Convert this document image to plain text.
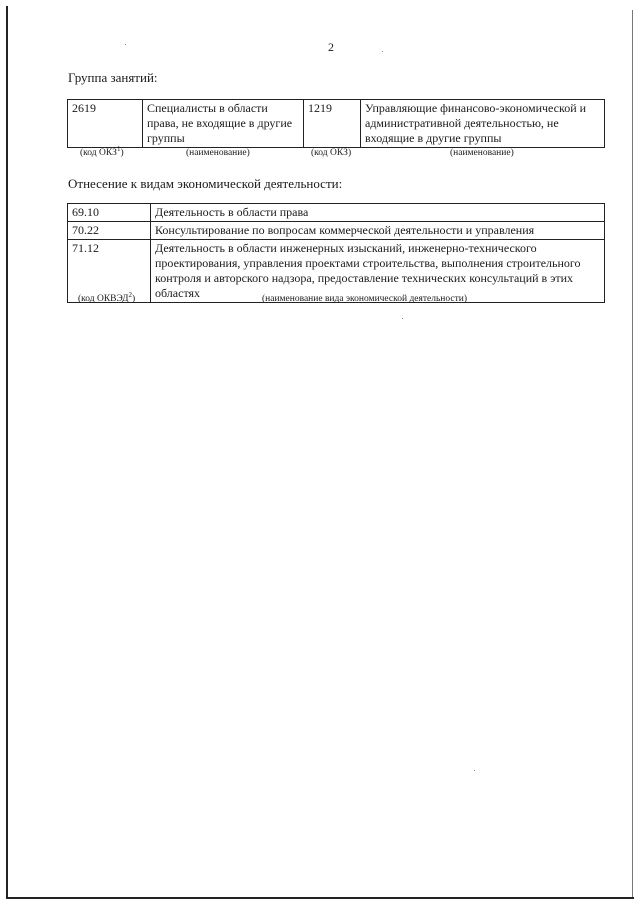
2
Группа занятий:
2619	Специалисты в области права, не входящие в другие группы	1219	Управляющие финансово-экономической и административной деятельностью, не входящие в другие группы
(код ОКЗ$^1$)	(наименование)	(код ОКЗ)	(наименование)
Отнесение к видам экономической деятельности:
69.10	Деятельность в области права
70.22	Консультирование по вопросам коммерческой деятельности и управления
71.12	Деятельность в области инженерных изысканий, инженерно-технического проектирования, управления проектами строительства, выполнения строительного контроля и авторского надзора, предоставление технических консультаций в этих областях
(код ОКВЭД$^2$)	(наименование вида экономической деятельности)
